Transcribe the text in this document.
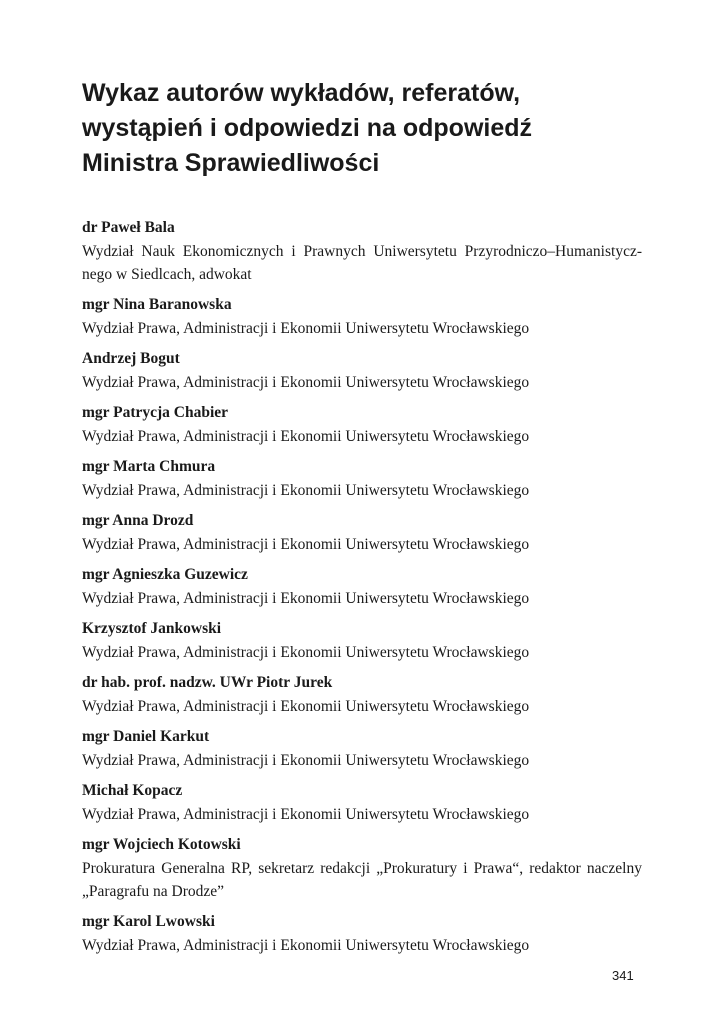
Wykaz autorów wykładów, referatów,
wystąpień i odpowiedzi na odpowiedź
Ministra Sprawiedliwości
dr Paweł Bala
Wydział Nauk Ekonomicznych i Prawnych Uniwersytetu Przyrodniczo–Humanistycz-
nego w Siedlcach, adwokat
mgr Nina Baranowska
Wydział Prawa, Administracji i Ekonomii Uniwersytetu Wrocławskiego
Andrzej Bogut
Wydział Prawa, Administracji i Ekonomii Uniwersytetu Wrocławskiego
mgr Patrycja Chabier
Wydział Prawa, Administracji i Ekonomii Uniwersytetu Wrocławskiego
mgr Marta Chmura
Wydział Prawa, Administracji i Ekonomii Uniwersytetu Wrocławskiego
mgr Anna Drozd
Wydział Prawa, Administracji i Ekonomii Uniwersytetu Wrocławskiego
mgr Agnieszka Guzewicz
Wydział Prawa, Administracji i Ekonomii Uniwersytetu Wrocławskiego
Krzysztof Jankowski
Wydział Prawa, Administracji i Ekonomii Uniwersytetu Wrocławskiego
dr hab. prof. nadzw. UWr Piotr Jurek
Wydział Prawa, Administracji i Ekonomii Uniwersytetu Wrocławskiego
mgr Daniel Karkut
Wydział Prawa, Administracji i Ekonomii Uniwersytetu Wrocławskiego
Michał Kopacz
Wydział Prawa, Administracji i Ekonomii Uniwersytetu Wrocławskiego
mgr Wojciech Kotowski
Prokuratura Generalna RP, sekretarz redakcji „Prokuratury i Prawa“, redaktor naczelny
„Paragrafu na Drodze”
mgr Karol Lwowski
Wydział Prawa, Administracji i Ekonomii Uniwersytetu Wrocławskiego
341
